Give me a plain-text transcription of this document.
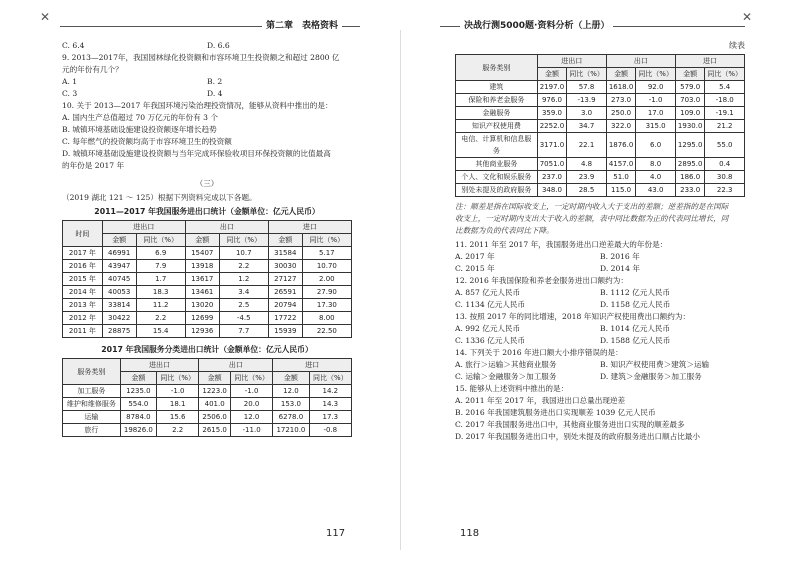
✕	✕
第二章　表格资料	决战行测5000题·资料分析（上册）
C. 6.4	D. 6.6
9. 2013—2017年，我国园林绿化投资额和市容环境卫生投资额之和超过 2800 亿
元的年份有几个？
A. 1	B. 2
C. 3	D. 4
10. 关于 2013—2017 年我国环境污染治理投资情况，能够从资料中推出的是：
A. 国内生产总值超过 70 万亿元的年份有 3 个
B. 城镇环境基础设施建设投资额逐年增长趋势
C. 每年燃气的投资额均高于市容环境卫生的投资额
D. 城镇环境基础设施建设投资额与当年完成环保验收项目环保投资额的比值最高
的年份是 2017 年
（三）
（2019 湖北 121 ～ 125）根据下列资料完成以下各题。
2011—2017 年我国服务进出口统计（金额单位：亿元人民币）
时间	进出口		出口		进口	
	金额	同比（%）	金额	同比（%）	金额	同比（%）
2017 年	46991	6.9	15407	10.7	31584	5.17
2016 年	43947	7.9	13918	2.2	30030	10.70
2015 年	40745	1.7	13617	1.2	27127	2.00
2014 年	40053	18.3	13461	3.4	26591	27.90
2013 年	33814	11.2	13020	2.5	20794	17.30
2012 年	30422	2.2	12699	-4.5	17722	8.00
2011 年	28875	15.4	12936	7.7	15939	22.50
2017 年我国服务分类进出口统计（金额单位：亿元人民币）
服务类别	进出口		出口		进口	
	金额	同比（%）	金额	同比（%）	金额	同比（%）
加工服务	1235.0	-1.0	1223.0	-1.0	12.0	14.2
维护和维修服务	554.0	18.1	401.0	20.0	153.0	14.3
运输	8784.0	15.6	2506.0	12.0	6278.0	17.3
旅行	19826.0	2.2	2615.0	-11.0	17210.0	-0.8
117
续表
服务类别	进出口		出口		进口	
	金额	同比（%）	金额	同比（%）	金额	同比（%）
建筑	2197.0	57.8	1618.0	92.0	579.0	5.4
保险和养老金服务	976.0	-13.9	273.0	-1.0	703.0	-18.0
金融服务	359.0	3.0	250.0	17.0	109.0	-19.1
知识产权使用费	2252.0	34.7	322.0	315.0	1930.0	21.2
电信、计算机和信息服务	3171.0	22.1	1876.0	6.0	1295.0	55.0
其他商业服务	7051.0	4.8	4157.0	8.0	2895.0	0.4
个人、文化和娱乐服务	237.0	23.9	51.0	4.0	186.0	30.8
别处未提及的政府服务	348.0	28.5	115.0	43.0	233.0	22.3
注：顺差是指在国际收支上，一定时期内收入大于支出的差额；逆差指的是在国际
收支上，一定时期内支出大于收入的差额，表中同比数据为正的代表同比增长，同
比数据为负的代表同比下降。
11. 2011 年至 2017 年，我国服务进出口逆差最大的年份是：
A. 2017 年	B. 2016 年
C. 2015 年	D. 2014 年
12. 2016 年我国保险和养老金服务进出口额约为：
A. 857 亿元人民币	B. 1112 亿元人民币
C. 1134 亿元人民币	D. 1158 亿元人民币
13. 按照 2017 年的同比增速，2018 年知识产权使用费出口额约为：
A. 992 亿元人民币	B. 1014 亿元人民币
C. 1336 亿元人民币	D. 1588 亿元人民币
14. 下列关于 2016 年进口额大小排序错误的是：
A. 旅行＞运输＞其他商业服务	B. 知识产权使用费＞建筑＞运输
C. 运输＞金融服务＞加工服务	D. 建筑＞金融服务＞加工服务
15. 能够从上述资料中推出的是：
A. 2011 年至 2017 年，我国进出口总量出现逆差
B. 2016 年我国建筑服务进出口实现顺差 1039 亿元人民币
C. 2017 年我国服务进出口中，其他商业服务进出口实现的顺差最多
D. 2017 年我国服务进出口中，别处未提及的政府服务进出口顺占比最小
118
